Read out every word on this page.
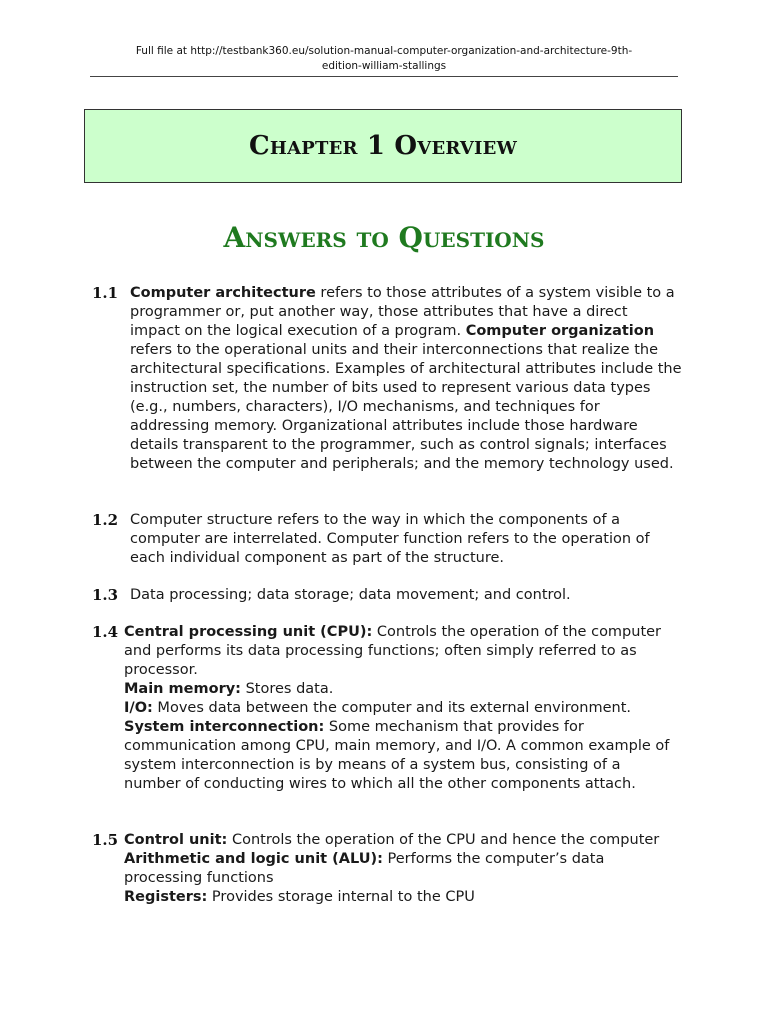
Full file at http://testbank360.eu/solution-manual-computer-organization-and-architecture-9th-
edition-william-stallings
Chapter 1 Overview
Answers to Questions
1.1 Computer architecture refers to those attributes of a system visible to a programmer or, put another way, those attributes that have a direct impact on the logical execution of a program. Computer organization refers to the operational units and their interconnections that realize the architectural specifications. Examples of architectural attributes include the instruction set, the number of bits used to represent various data types (e.g., numbers, characters), I/O mechanisms, and techniques for addressing memory. Organizational attributes include those hardware details transparent to the programmer, such as control signals; interfaces between the computer and peripherals; and the memory technology used.
1.2 Computer structure refers to the way in which the components of a computer are interrelated. Computer function refers to the operation of each individual component as part of the structure.
1.3 Data processing; data storage; data movement; and control.
1.4 Central processing unit (CPU): Controls the operation of the computer and performs its data processing functions; often simply referred to as processor.

Main memory: Stores data.

I/O: Moves data between the computer and its external environment.

System interconnection: Some mechanism that provides for communication among CPU, main memory, and I/O. A common example of system interconnection is by means of a system bus, consisting of a number of conducting wires to which all the other components attach.

1.5 Control unit: Controls the operation of the CPU and hence the computer

Arithmetic and logic unit (ALU): Performs the computer’s data processing functions

Registers: Provides storage internal to the CPU
